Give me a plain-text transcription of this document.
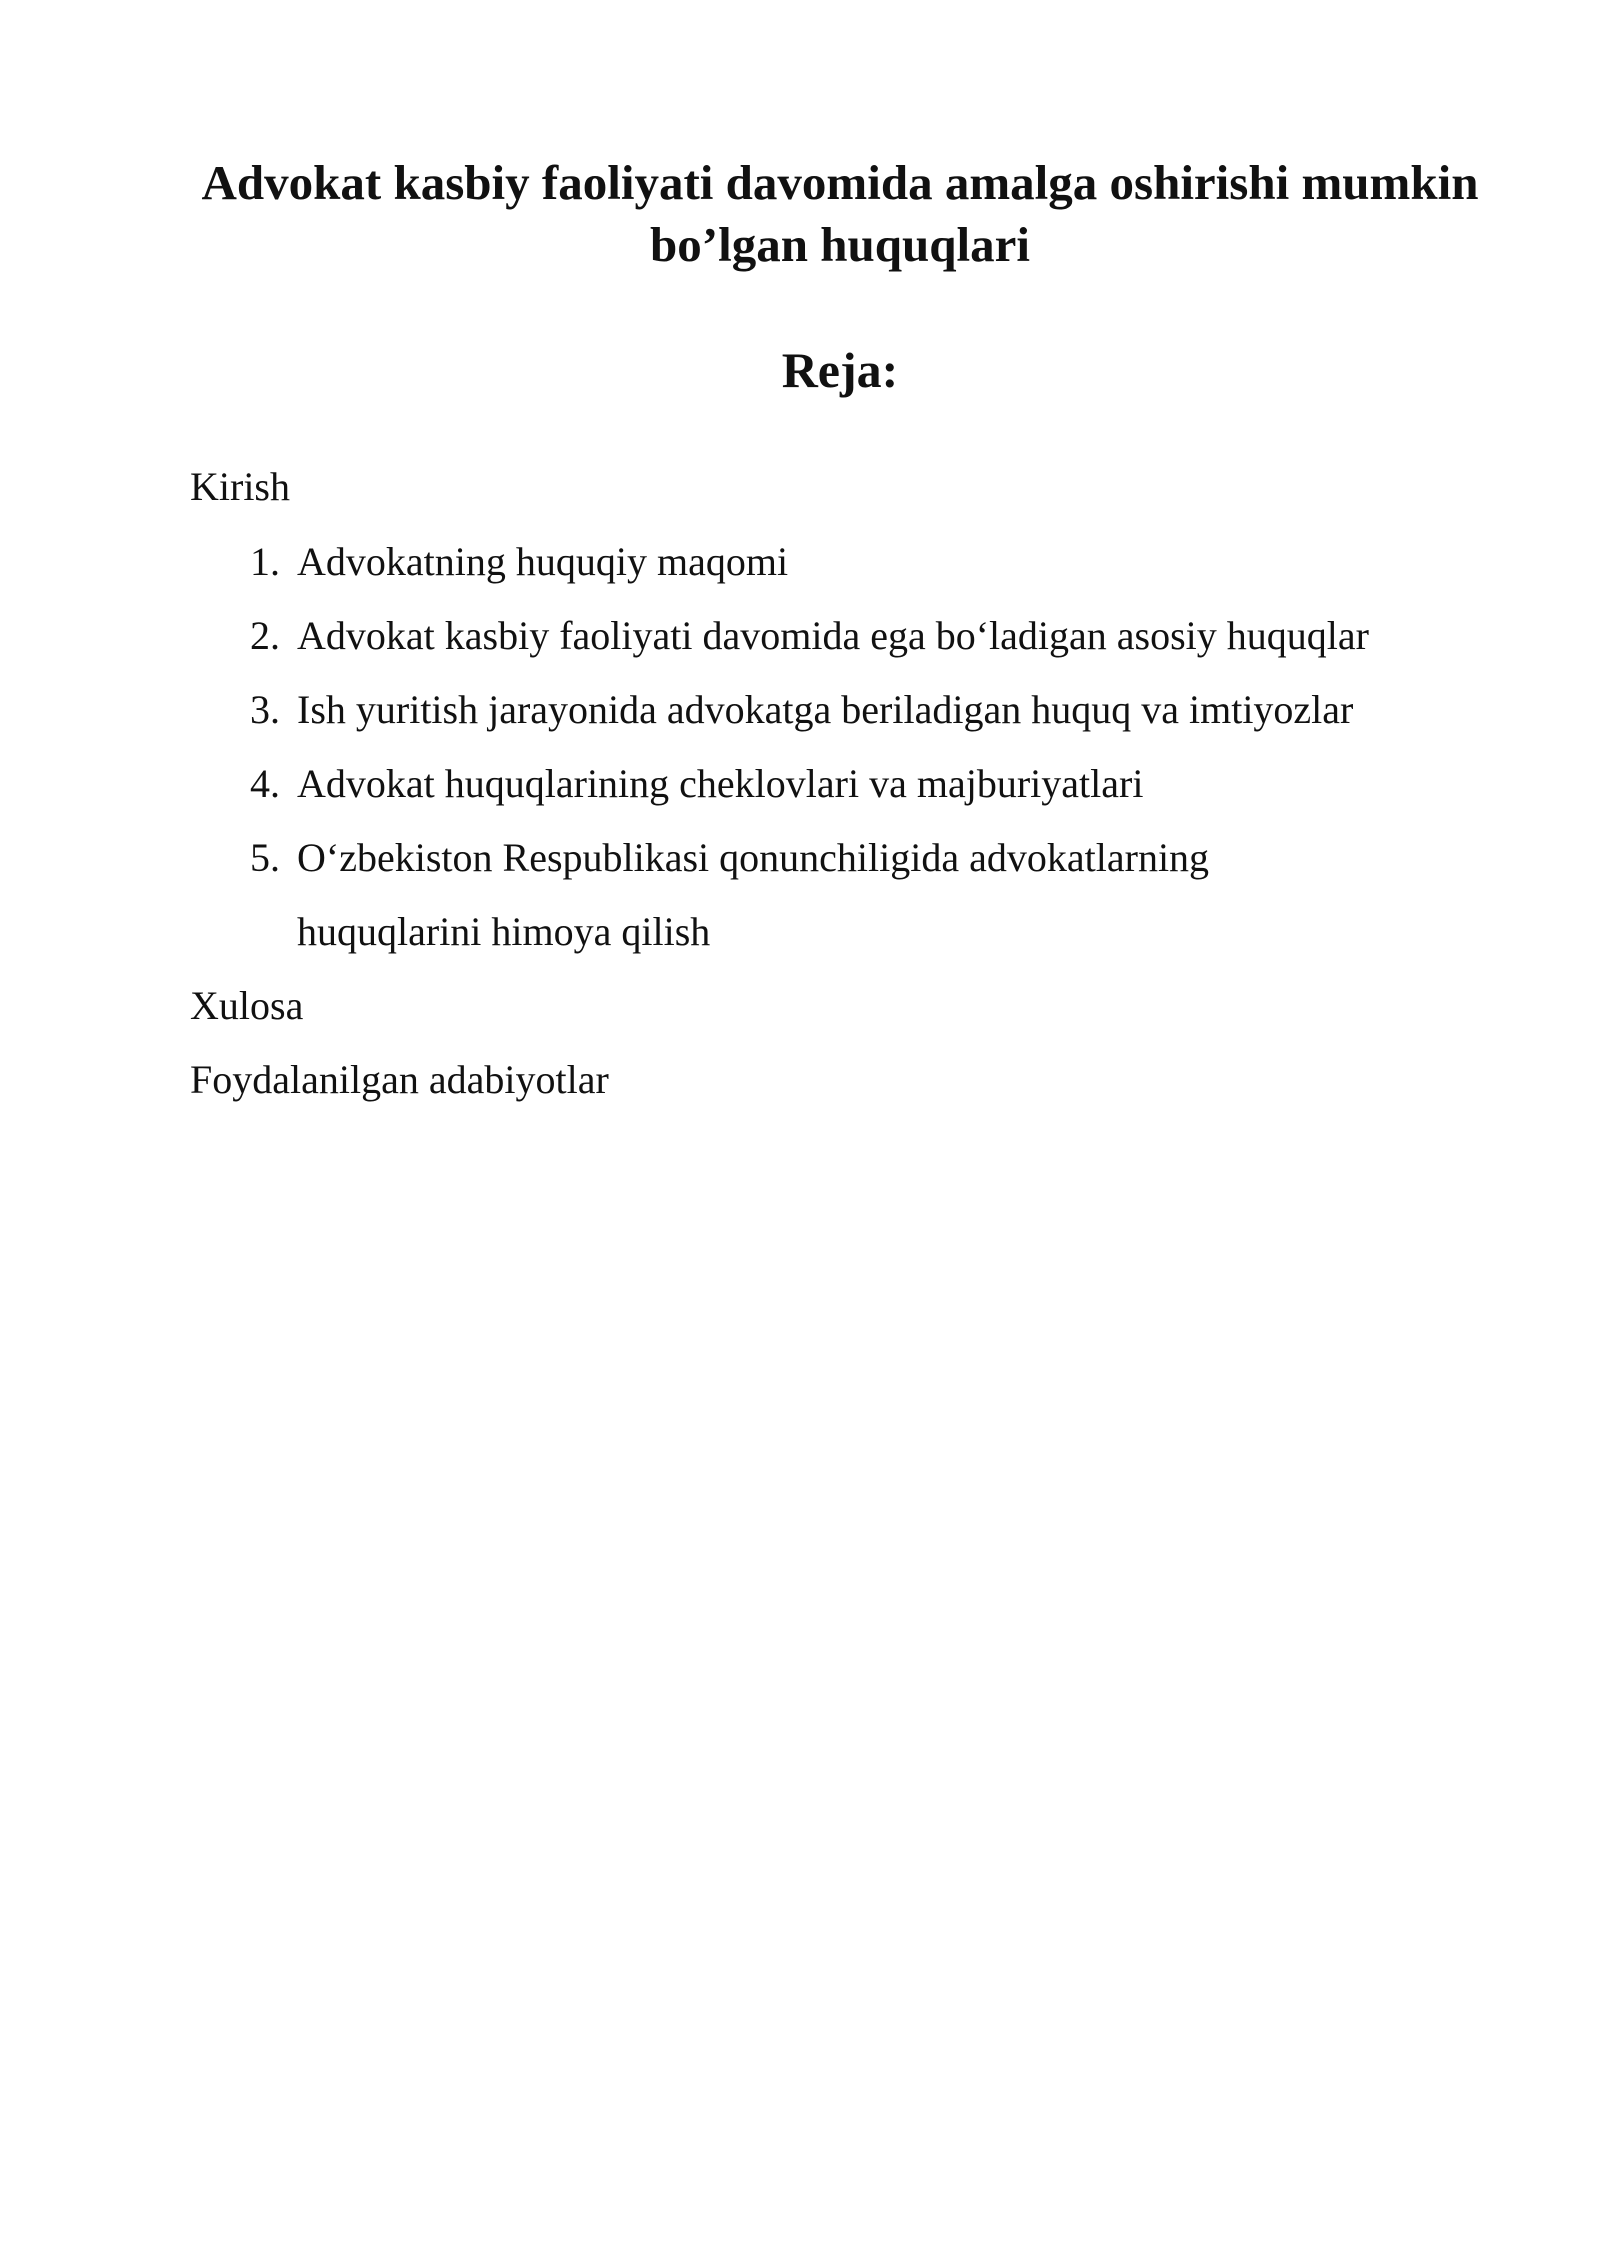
Advokat kasbiy faoliyati davomida amalga oshirishi mumkin bo’lgan huquqlari
Reja:

Kirish

1. Advokatning huquqiy maqomi
2. Advokat kasbiy faoliyati davomida ega bo‘ladigan asosiy huquqlar
3. Ish yuritish jarayonida advokatga beriladigan huquq va imtiyozlar
4. Advokat huquqlarining cheklovlari va majburiyatlari
5. O‘zbekiston Respublikasi qonunchiligida advokatlarning
huquqlarini himoya qilish

Xulosa

Foydalanilgan adabiyotlar
